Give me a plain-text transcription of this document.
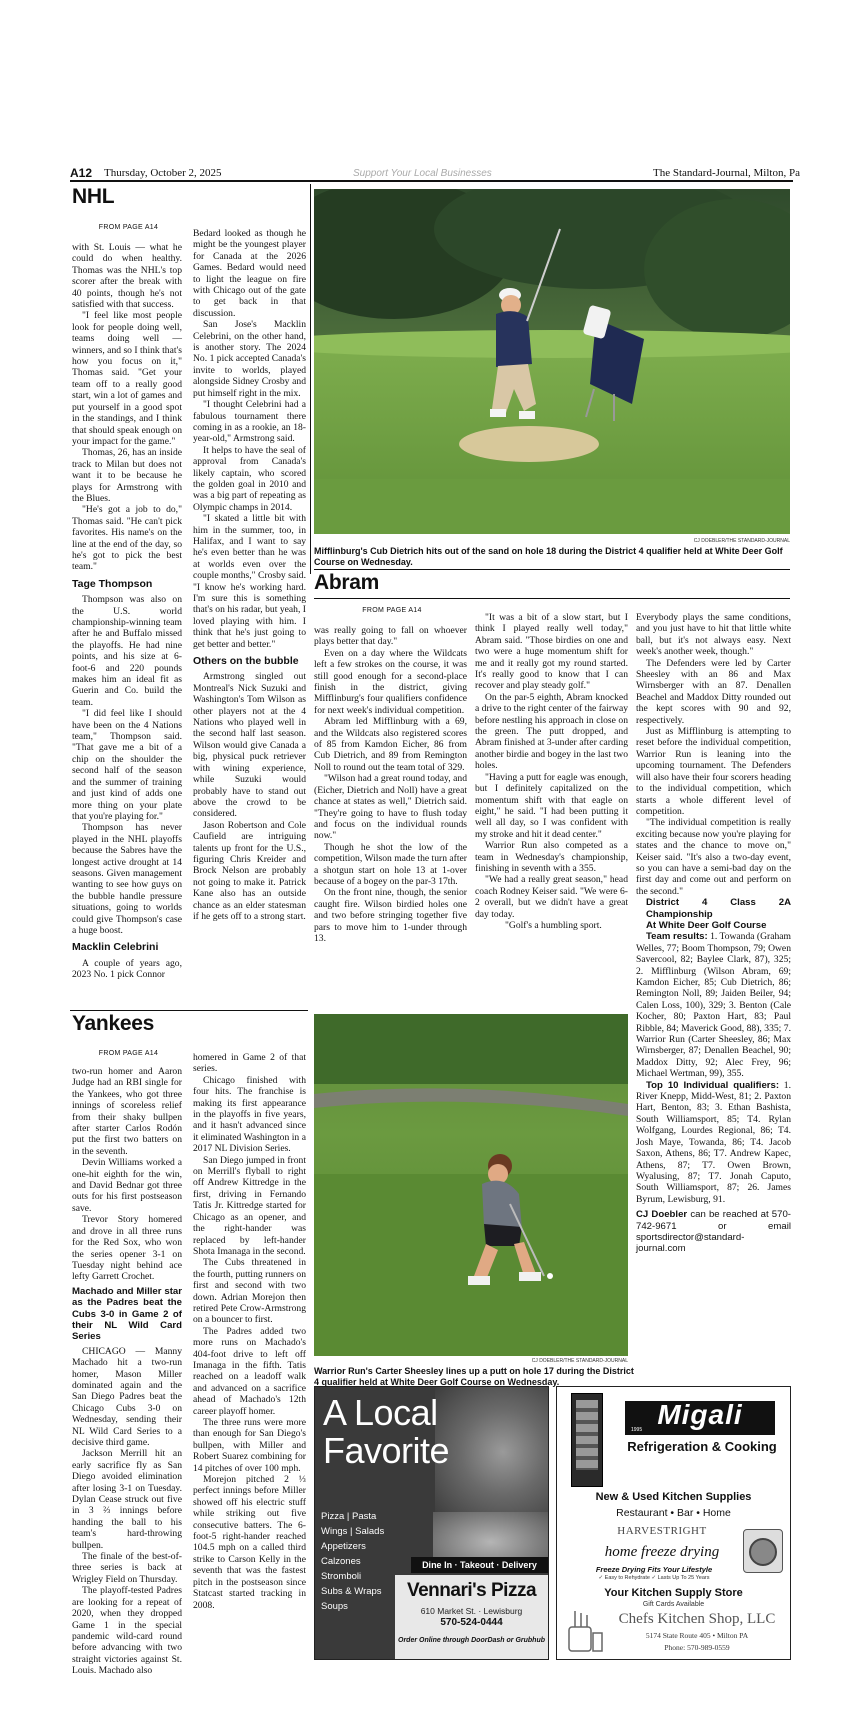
A12 Thursday, October 2, 2025	Support Your Local Businesses	The Standard-Journal, Milton, Pa
NHL
FROM PAGE A14

with St. Louis — what he could do when healthy. Thomas was the NHL's top scorer after the break with 40 points, though he's not satisfied with that success.

"I feel like most people look for people doing well, teams doing well — winners, and so I think that's how you focus on it," Thomas said. "Get your team off to a really good start, win a lot of games and put yourself in a good spot in the standings, and I think that should speak enough on your impact for the game."

Thomas, 26, has an inside track to Milan but does not want it to be because he plays for Armstrong with the Blues.

"He's got a job to do," Thomas said. "He can't pick favorites. His name's on the line at the end of the day, so he's got to pick the best team."

Tage Thompson

Thompson was also on the U.S. world championship-winning team after he and Buffalo missed the playoffs. He had nine points, and his size at 6-foot-6 and 220 pounds makes him an ideal fit as Guerin and Co. build the team.

"I did feel like I should have been on the 4 Nations team," Thompson said. "That gave me a bit of a chip on the shoulder the second half of the season and the summer of training and just kind of adds one more thing on your plate that you're playing for."

Thompson has never played in the NHL playoffs because the Sabres have the longest active drought at 14 seasons. Given management wanting to see how guys on the bubble handle pressure situations, going to worlds could give Thompson's case a huge boost.

Macklin Celebrini

A couple of years ago, 2023 No. 1 pick Connor

Bedard looked as though he might be the youngest player for Canada at the 2026 Games. Bedard would need to light the league on fire with Chicago out of the gate to get back in that discussion.

San Jose's Macklin Celebrini, on the other hand, is another story. The 2024 No. 1 pick accepted Canada's invite to worlds, played alongside Sidney Crosby and put himself right in the mix.

"I thought Celebrini had a fabulous tournament there coming in as a rookie, an 18-year-old," Armstrong said.

It helps to have the seal of approval from Canada's likely captain, who scored the golden goal in 2010 and was a big part of repeating as Olympic champs in 2014.

"I skated a little bit with him in the summer, too, in Halifax, and I want to say he's even better than he was at worlds even over the couple months," Crosby said. "I know he's working hard. I'm sure this is something that's on his radar, but yeah, I loved playing with him. I think that he's just going to get better and better."

Others on the bubble

Armstrong singled out Montreal's Nick Suzuki and Washington's Tom Wilson as other players not at the 4 Nations who played well in the second half last season. Wilson would give Canada a big, physical puck retriever with wining experience, while Suzuki would probably have to stand out above the crowd to be considered.

Jason Robertson and Cole Caufield are intriguing talents up front for the U.S., figuring Chris Kreider and Brock Nelson are probably not going to make it. Patrick Kane also has an outside chance as an elder statesman if he gets off to a strong start.

Yankees
FROM PAGE A14

two-run homer and Aaron Judge had an RBI single for the Yankees, who got three innings of scoreless relief from their shaky bullpen after starter Carlos Rodón put the first two batters on in the seventh.

Devin Williams worked a one-hit eighth for the win, and David Bednar got three outs for his first postseason save.

Trevor Story homered and drove in all three runs for the Red Sox, who won the series opener 3-1 on Tuesday night behind ace lefty Garrett Crochet.

Machado and Miller star as the Padres beat the Cubs 3-0 in Game 2 of their NL Wild Card Series

CHICAGO — Manny Machado hit a two-run homer, Mason Miller dominated again and the San Diego Padres beat the Chicago Cubs 3-0 on Wednesday, sending their NL Wild Card Series to a decisive third game.

Jackson Merrill hit an early sacrifice fly as San Diego avoided elimination after losing 3-1 on Tuesday. Dylan Cease struck out five in 3 ⅔ innings before handing the ball to his team's hard-throwing bullpen.

The finale of the best-of-three series is back at Wrigley Field on Thursday.

The playoff-tested Padres are looking for a repeat of 2020, when they dropped Game 1 in the special pandemic wild-card round before advancing with two straight victories against St. Louis. Machado also

homered in Game 2 of that series.

Chicago finished with four hits. The franchise is making its first appearance in the playoffs in five years, and it hasn't advanced since it eliminated Washington in a 2017 NL Division Series.

San Diego jumped in front on Merrill's flyball to right off Andrew Kittredge in the first, driving in Fernando Tatis Jr. Kittredge started for Chicago as an opener, and the right-hander was replaced by left-hander Shota Imanaga in the second.

The Cubs threatened in the fourth, putting runners on first and second with two down. Adrian Morejon then retired Pete Crow-Armstrong on a bouncer to first.

The Padres added two more runs on Machado's 404-foot drive to left off Imanaga in the fifth. Tatis reached on a leadoff walk and advanced on a sacrifice ahead of Machado's 12th career playoff homer.

The three runs were more than enough for San Diego's bullpen, with Miller and Robert Suarez combining for 14 pitches of over 100 mph.

Morejon pitched 2 ⅓ perfect innings before Miller showed off his electric stuff while striking out five consecutive batters. The 6-foot-5 right-hander reached 104.5 mph on a called third strike to Carson Kelly in the seventh that was the fastest pitch in the postseason since Statcast started tracking in 2008.

CJ DOEBLER/THE STANDARD-JOURNAL
Mifflinburg's Cub Dietrich hits out of the sand on hole 18 during the District 4 qualifier held at White Deer Golf Course on Wednesday.
Abram
FROM PAGE A14

was really going to fall on whoever plays better that day."

Even on a day where the Wildcats left a few strokes on the course, it was still good enough for a second-place finish in the district, giving Mifflinburg's four qualifiers confidence for next week's individual competition.

Abram led Mifflinburg with a 69, and the Wildcats also registered scores of 85 from Kamdon Eicher, 86 from Cub Dietrich, and 89 from Remington Noll to round out the team total of 329.

"Wilson had a great round today, and (Eicher, Dietrich and Noll) have a great chance at states as well," Dietrich said. "They're going to have to flush today and focus on the individual rounds now."

Though he shot the low of the competition, Wilson made the turn after a shotgun start on hole 13 at 1-over because of a bogey on the par-3 17th.

On the front nine, though, the senior caught fire. Wilson birdied holes one and two before stringing together five pars to move him to 1-under through 13.

"It was a bit of a slow start, but I think I played really well today," Abram said. "Those birdies on one and two were a huge momentum shift for me and it really got my round started. It's really good to know that I can recover and play steady golf."

On the par-5 eighth, Abram knocked a drive to the right center of the fairway before nestling his approach in close on the green. The putt dropped, and Abram finished at 3-under after carding another birdie and bogey in the last two holes.

"Having a putt for eagle was enough, but I definitely capitalized on the momentum shift with that eagle on eight," he said. "I had been putting it well all day, so I was confident with my stroke and hit it dead center."

Warrior Run also competed as a team in Wednesday's championship, finishing in seventh with a 355.

"We had a really great season," head coach Rodney Keiser said. "We were 6-2 overall, but we didn't have a great day today.

"Golf's a humbling sport.

Everybody plays the same conditions, and you just have to hit that little white ball, but it's not always easy. Next week's another week, though."

The Defenders were led by Carter Sheesley with an 86 and Max Wirnsberger with an 87. Denallen Beachel and Maddox Ditty rounded out the kept scores with 90 and 92, respectively.

Just as Mifflinburg is attempting to reset before the individual competition, Warrior Run is leaning into the upcoming tournament. The Defenders will also have their four scorers heading to the individual competition, which starts a whole different level of competition.

"The individual competition is really exciting because now you're playing for states and the chance to move on," Keiser said. "It's also a two-day event, so you can have a semi-bad day on the first day and come out and perform on the second."

District 4 Class 2A Championship
At White Deer Golf Course

Team results: 1. Towanda (Graham Welles, 77; Boom Thompson, 79; Owen Savercool, 82; Baylee Clark, 87), 325; 2. Mifflinburg (Wilson Abram, 69; Kamdon Eicher, 85; Cub Dietrich, 86; Remington Noll, 89; Jaiden Beiler, 94; Calen Loss, 100), 329; 3. Benton (Cale Kocher, 80; Paxton Hart, 83; Paul Ribble, 84; Maverick Good, 88), 335; 7. Warrior Run (Carter Sheesley, 86; Max Wirnsberger, 87; Denallen Beachel, 90; Maddox Ditty, 92; Alec Frey, 96; Michael Wertman, 99), 355.

Top 10 Individual qualifiers: 1. River Knepp, Midd-West, 81; 2. Paxton Hart, Benton, 83; 3. Ethan Bashista, South Williamsport, 85; T4. Rylan Wolfgang, Lourdes Regional, 86; T4. Josh Maye, Towanda, 86; T4. Jacob Saxon, Athens, 86; T7. Andrew Kapec, Athens, 87; T7. Owen Brown, Wyalusing, 87; T7. Jonah Caputo, South Williamsport, 87; 26. James Byrum, Lewisburg, 91.

CJ Doebler can be reached at 570-742-9671 or email sportsdirector@standard-journal.com

CJ DOEBLER/THE STANDARD-JOURNAL
Warrior Run's Carter Sheesley lines up a putt on hole 17 during the District 4 qualifier held at White Deer Golf Course on Wednesday.
A Local
Favorite
Pizza | Pasta
Wings | Salads
Appetizers
Calzones
Stromboli
Subs & Wraps
Soups
Dine In · Takeout · Delivery
Vennari's Pizza
610 Market St. · Lewisburg
570-524-0444
Order Online through DoorDash or Grubhub
Migali
1995
Refrigeration & Cooking
New & Used Kitchen Supplies
Restaurant • Bar • Home
HARVESTRIGHT
home freeze drying
Freeze Drying Fits Your Lifestyle
✓ Easy to Rehydrate ✓ Lasts Up To 25 Years
Your Kitchen Supply Store
Gift Cards Available
Chefs Kitchen Shop, LLC
5174 State Route 405 • Milton PA
Phone: 570-989-0559
